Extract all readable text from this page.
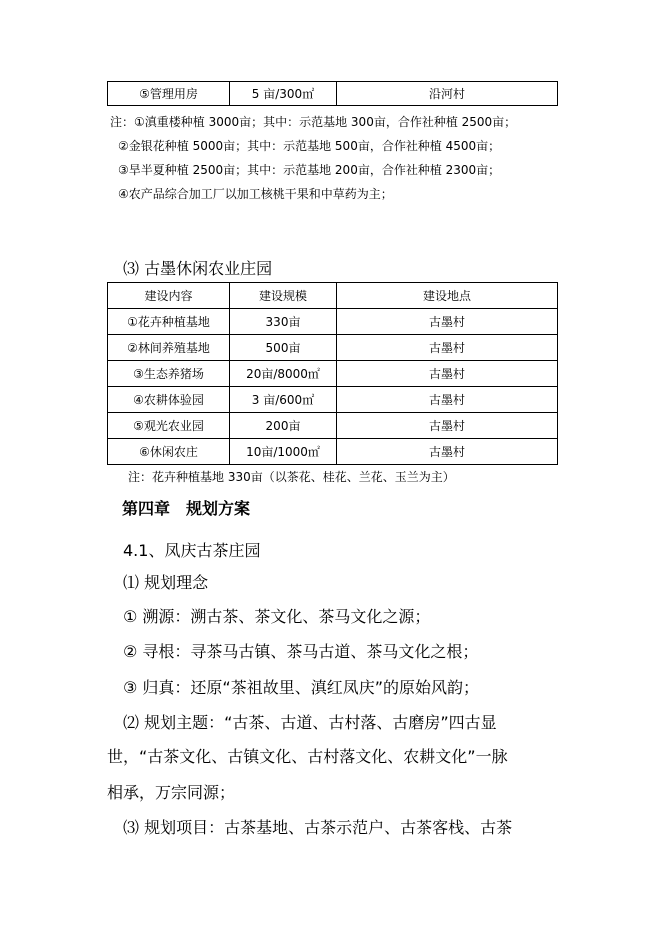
⑤管理用房	5 亩/300㎡	沿河村
注：①滇重楼种植 3000亩；其中：示范基地 300亩，合作社种植 2500亩；
②金银花种植 5000亩；其中：示范基地 500亩，合作社种植 4500亩；
③旱半夏种植 2500亩；其中：示范基地 200亩，合作社种植 2300亩；
④农产品综合加工厂以加工核桃干果和中草药为主；
⑶ 古墨休闲农业庄园
建设内容	建设规模	建设地点
①花卉种植基地	330亩	古墨村
②林间养殖基地	500亩	古墨村
③生态养猪场	20亩/8000㎡	古墨村
④农耕体验园	3 亩/600㎡	古墨村
⑤观光农业园	200亩	古墨村
⑥休闲农庄	10亩/1000㎡	古墨村
注：花卉种植基地 330亩（以茶花、桂花、兰花、玉兰为主）
第四章　规划方案
4.1、凤庆古茶庄园
⑴ 规划理念
① 溯源：溯古茶、茶文化、茶马文化之源；
② 寻根：寻茶马古镇、茶马古道、茶马文化之根；
③ 归真：还原“茶祖故里、滇红凤庆”的原始风韵；
⑵ 规划主题：“古茶、古道、古村落、古磨房”四古显
世，“古茶文化、古镇文化、古村落文化、农耕文化”一脉
相承，万宗同源；
⑶ 规划项目：古茶基地、古茶示范户、古茶客栈、古茶
